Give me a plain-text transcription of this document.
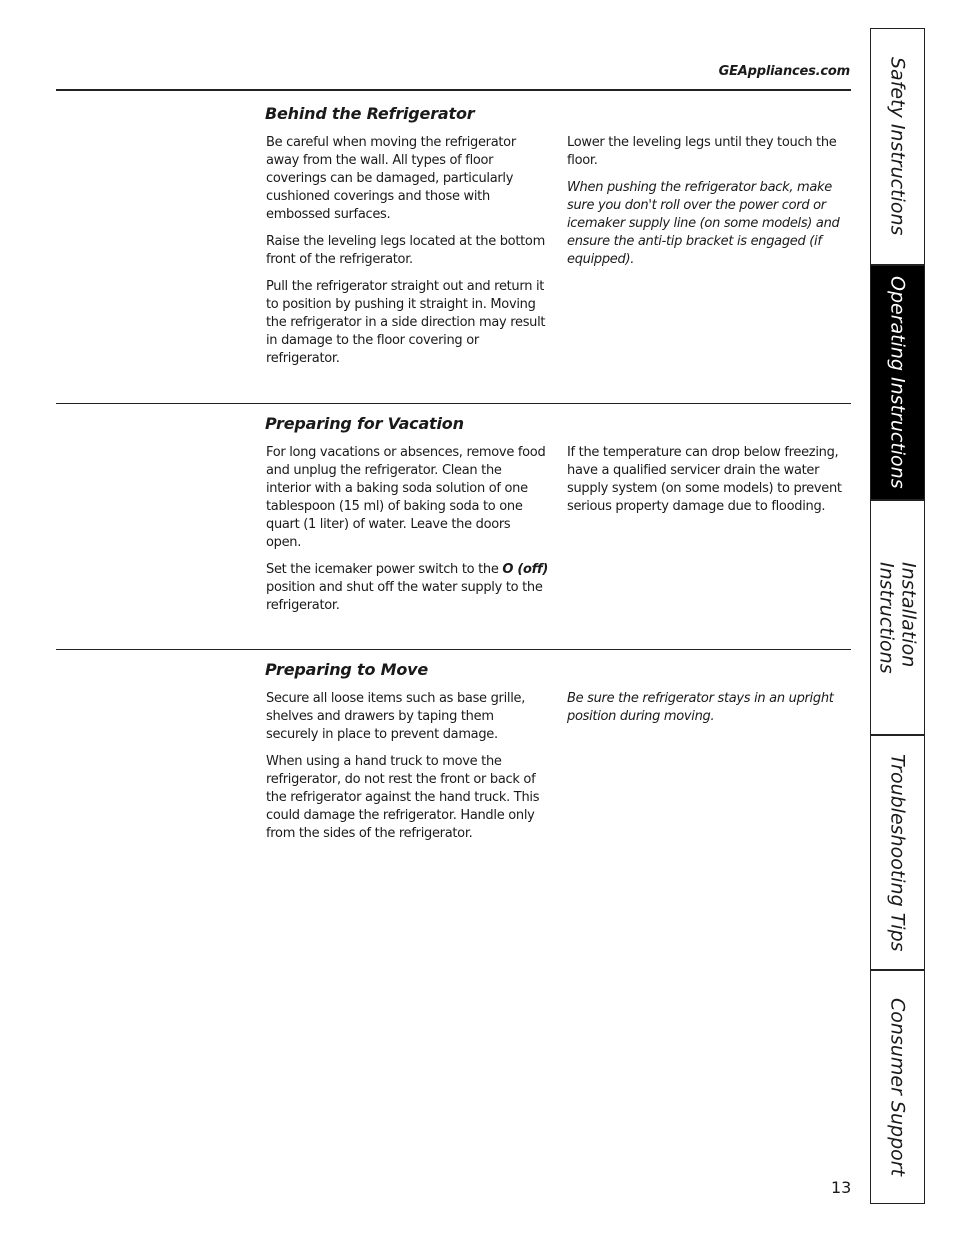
GEAppliances.com
Behind the Refrigerator

Be careful when moving the refrigerator away from the wall. All types of floor coverings can be damaged, particularly cushioned coverings and those with embossed surfaces.

Raise the leveling legs located at the bottom front of the refrigerator.

Pull the refrigerator straight out and return it to position by pushing it straight in. Moving the refrigerator in a side direction may result in damage to the floor covering or refrigerator.

Lower the leveling legs until they touch the floor.

When pushing the refrigerator back, make sure you don't roll over the power cord or icemaker supply line (on some models) and ensure the anti-tip bracket is engaged (if equipped).

Preparing for Vacation

For long vacations or absences, remove food and unplug the refrigerator. Clean the interior with a baking soda solution of one tablespoon (15 ml) of baking soda to one quart (1 liter) of water. Leave the doors open.

Set the icemaker power switch to the O (off) position and shut off the water supply to the refrigerator.

If the temperature can drop below freezing, have a qualified servicer drain the water supply system (on some models) to prevent serious property damage due to flooding.

Preparing to Move

Secure all loose items such as base grille, shelves and drawers by taping them securely in place to prevent damage.

When using a hand truck to move the refrigerator, do not rest the front or back of the refrigerator against the hand truck. This could damage the refrigerator. Handle only from the sides of the refrigerator.

Be sure the refrigerator stays in an upright position during moving.

Safety Instructions
Operating Instructions
Installation
Instructions
Troubleshooting Tips
Consumer Support
13
